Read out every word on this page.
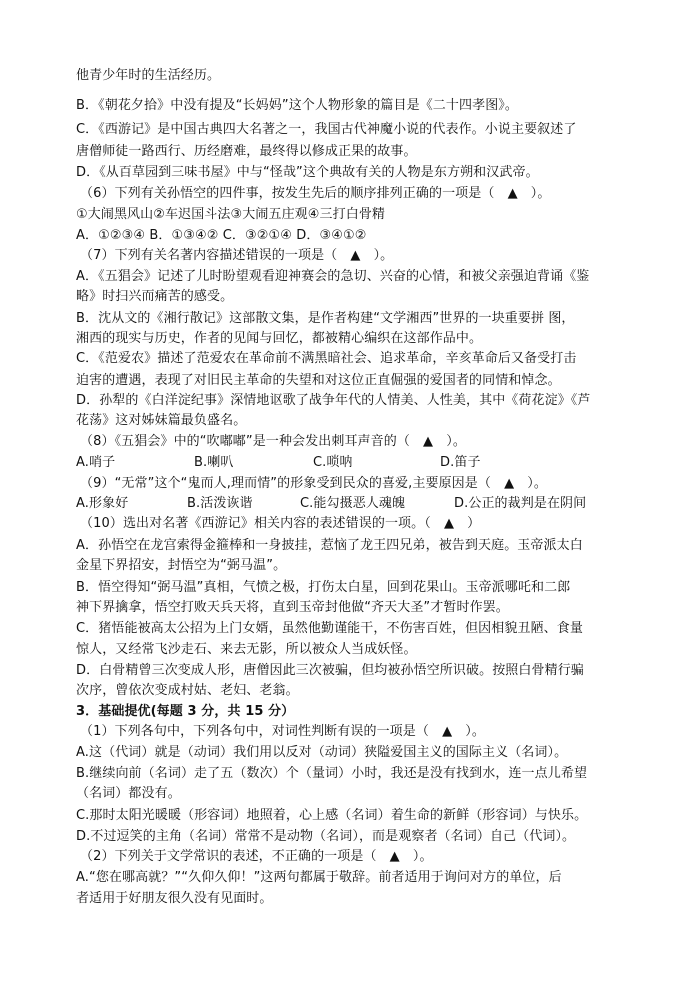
他青少年时的生活经历。
B．《朝花夕拾》中没有提及“长妈妈”这个人物形象的篇目是《二十四孝图》。
C．《西游记》是中国古典四大名著之一，我国古代神魔小说的代表作。小说主要叙述了
唐僧师徒一路西行、历经磨难，最终得以修成正果的故事。
D．《从百草园到三味书屋》中与“怪哉”这个典故有关的人物是东方朔和汉武帝。
（6）下列有关孙悟空的四件事，按发生先后的顺序排列正确的一项是（　▲　）。
①大闹黑风山②车迟国斗法③大闹五庄观④三打白骨精
A．①②③④ B．①③④② C．③②①④ D．③④①②
（7）下列有关名著内容描述错误的一项是（　▲　）。
A．《五猖会》记述了儿时盼望观看迎神赛会的急切、兴奋的心情，和被父亲强迫背诵《鉴
略》时扫兴而痛苦的感受。
B．沈从文的《湘行散记》这部散文集，是作者构建“文学湘西”世界的一块重要拼 图，
湘西的现实与历史，作者的见闻与回忆，都被精心编织在这部作品中。
C．《范爱农》描述了范爱农在革命前不满黑暗社会、追求革命，辛亥革命后又备受打击
迫害的遭遇，表现了对旧民主革命的失望和对这位正直倔强的爱国者的同情和悼念。
D．孙犁的《白洋淀纪事》深情地讴歌了战争年代的人情美、人性美，其中《荷花淀》《芦
花荡》这对姊妹篇最负盛名。
（8）《五猖会》中的“吹嘟嘟”是一种会发出刺耳声音的（　▲　）。
A.哨子	B.喇叭	C.唢呐	D.笛子
（9）“无常”这个“鬼而人,理而情”的形象受到民众的喜爱,主要原因是（　▲　）。
A.形象好	B.活泼诙谐	C.能勾摄恶人魂魄	D.公正的裁判是在阴间
（10）选出对名著《西游记》相关内容的表述错误的一项。（　▲　）
A．孙悟空在龙宫索得金箍棒和一身披挂，惹恼了龙王四兄弟，被告到天庭。玉帝派太白
金星下界招安，封悟空为“弼马温”。
B．悟空得知“弼马温”真相，气愤之极，打伤太白星，回到花果山。玉帝派哪吒和二郎
神下界擒拿，悟空打败天兵天将，直到玉帝封他做“齐天大圣”才暂时作罢。
C．猪悟能被高太公招为上门女婿，虽然他勤谨能干，不伤害百姓，但因相貌丑陋、食量
惊人，又经常飞沙走石、来去无影，所以被众人当成妖怪。
D．白骨精曾三次变成人形，唐僧因此三次被骗，但均被孙悟空所识破。按照白骨精行骗
次序，曾依次变成村姑、老妇、老翁。
3．基础提优(每题 3 分，共 15 分）
（1）下列各句中，下列各句中，对词性判断有误的一项是（　▲　）。
A.这（代词）就是（动词）我们用以反对（动词）狭隘爱国主义的国际主义（名词）。
B.继续向前（名词）走了五（数次）个（量词）小时，我还是没有找到水，连一点儿希望
（名词）都没有。
C.那时太阳光暖暖（形容词）地照着，心上感（名词）着生命的新鲜（形容词）与快乐。
D.不过逗笑的主角（名词）常常不是动物（名词），而是观察者（名词）自己（代词）。
（2）下列关于文学常识的表述，不正确的一项是（　▲　）。
A.“您在哪高就？”“久仰久仰！”这两句都属于敬辞。前者适用于询问对方的单位，后
者适用于好朋友很久没有见面时。
